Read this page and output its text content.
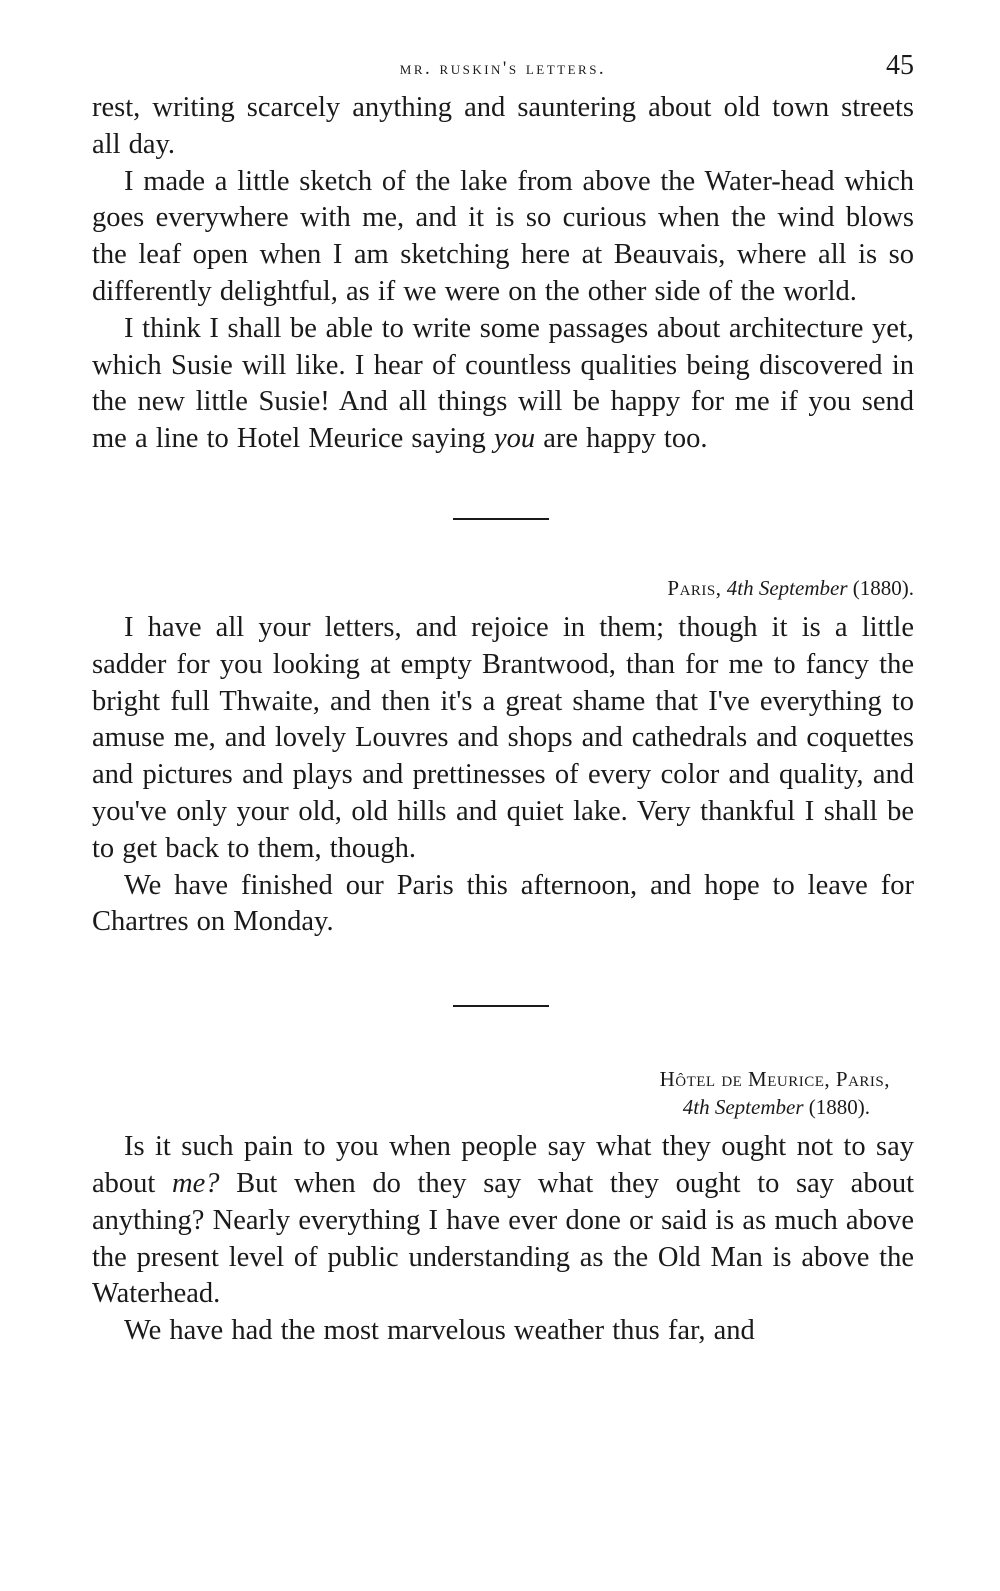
mr. ruskin's letters.	45

rest, writing scarcely anything and sauntering about old town streets all day.

I made a little sketch of the lake from above the Water-head which goes everywhere with me, and it is so curious when the wind blows the leaf open when I am sketching here at Beauvais, where all is so differently delightful, as if we were on the other side of the world.

I think I shall be able to write some passages about architecture yet, which Susie will like. I hear of countless qualities being discovered in the new little Susie! And all things will be happy for me if you send me a line to Hotel Meurice saying you are happy too.

Paris, 4th September (1880).

I have all your letters, and rejoice in them; though it is a little sadder for you looking at empty Brantwood, than for me to fancy the bright full Thwaite, and then it's a great shame that I've everything to amuse me, and lovely Louvres and shops and cathedrals and coquettes and pictures and plays and prettinesses of every color and quality, and you've only your old, old hills and quiet lake. Very thankful I shall be to get back to them, though.

We have finished our Paris this afternoon, and hope to leave for Chartres on Monday.

Hôtel de Meurice, Paris,
4th September (1880).

Is it such pain to you when people say what they ought not to say about me? But when do they say what they ought to say about anything? Nearly everything I have ever done or said is as much above the present level of public understanding as the Old Man is above the Waterhead.

We have had the most marvelous weather thus far, and
